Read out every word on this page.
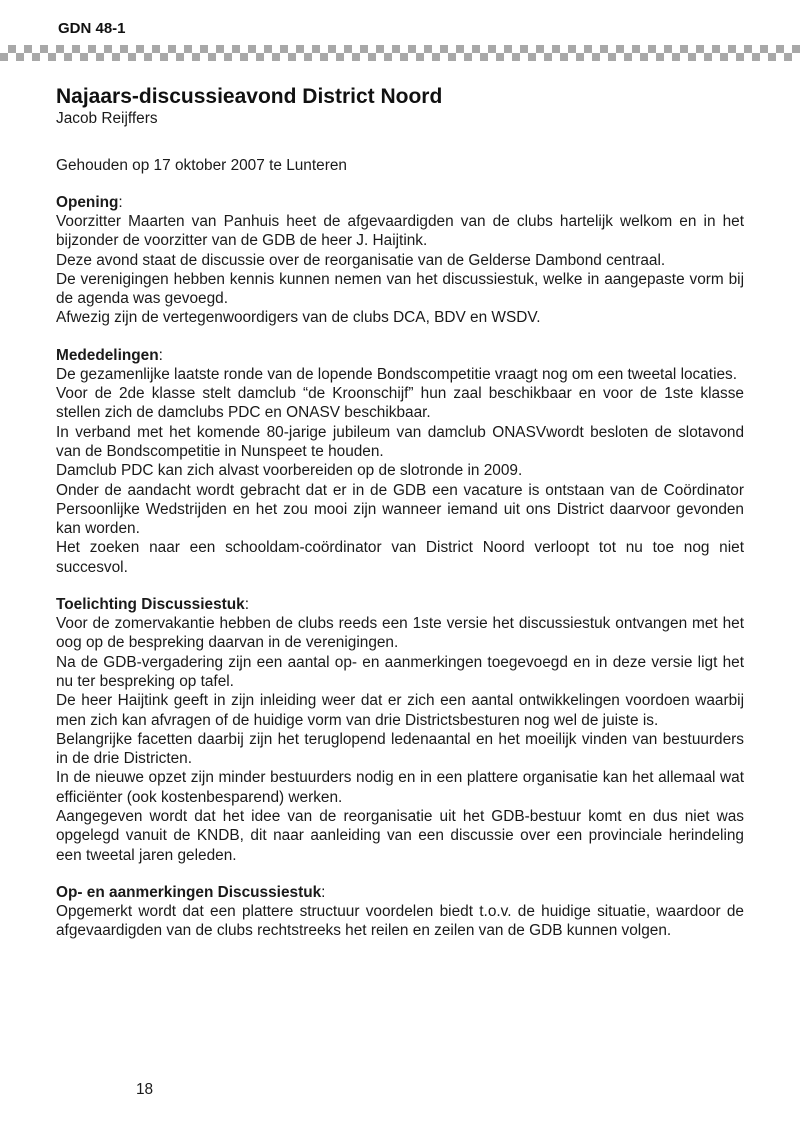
GDN 48-1
Najaars-discussieavond District Noord

Jacob Reijffers

Gehouden op 17 oktober 2007 te Lunteren

Opening:

Voorzitter Maarten van Panhuis heet de afgevaardigden van de clubs hartelijk welkom en in het bijzonder de voorzitter van de GDB de heer J. Haijtink.

Deze avond staat de discussie over de reorganisatie van de Gelderse Dambond centraal.

De verenigingen hebben kennis kunnen nemen van het discussiestuk, welke in aangepaste vorm bij de agenda was gevoegd.

Afwezig zijn de vertegenwoordigers van de clubs DCA, BDV en WSDV.

Mededelingen:

De gezamenlijke laatste ronde van de lopende Bondscompetitie vraagt nog om een tweetal locaties.

Voor de 2de klasse stelt damclub “de Kroonschijf” hun zaal beschikbaar en voor de 1ste klasse stellen zich de damclubs PDC en ONASV beschikbaar.

In verband met het komende 80-jarige jubileum van damclub ONASVwordt besloten de slotavond van de Bondscompetitie in Nunspeet te houden.

Damclub PDC kan zich alvast voorbereiden op de slotronde in 2009.

Onder de aandacht wordt gebracht dat er in de GDB een vacature is ontstaan van de Coördinator Persoonlijke Wedstrijden en het zou mooi zijn wanneer iemand uit ons District daarvoor gevonden kan worden.

Het zoeken naar een schooldam-coördinator van District Noord verloopt tot nu toe nog niet succesvol.

Toelichting Discussiestuk:

Voor de zomervakantie hebben de clubs reeds een 1ste versie het discussiestuk ontvangen met het oog op de bespreking daarvan in de verenigingen.

Na de GDB-vergadering zijn een aantal op- en aanmerkingen toegevoegd en in deze versie ligt het nu ter bespreking op tafel.

De heer Haijtink geeft in zijn inleiding weer dat er zich een aantal ontwikkelingen voordoen waarbij men zich kan afvragen of de huidige vorm van drie Districtsbesturen nog wel de juiste is.

Belangrijke facetten daarbij zijn het teruglopend ledenaantal en het moeilijk vinden van bestuurders in de drie Districten.

In de nieuwe opzet zijn minder bestuurders nodig en in een plattere organisatie kan het allemaal wat efficiënter (ook kostenbesparend) werken.

Aangegeven wordt dat het idee van de reorganisatie uit het GDB-bestuur komt en dus niet was opgelegd vanuit de KNDB, dit naar aanleiding van een discussie over een provinciale herindeling een tweetal jaren geleden.

Op- en aanmerkingen Discussiestuk:

Opgemerkt wordt dat een plattere structuur voordelen biedt t.o.v. de huidige situatie, waardoor de afgevaardigden van de clubs rechtstreeks het reilen en zeilen van de GDB kunnen volgen.

18
